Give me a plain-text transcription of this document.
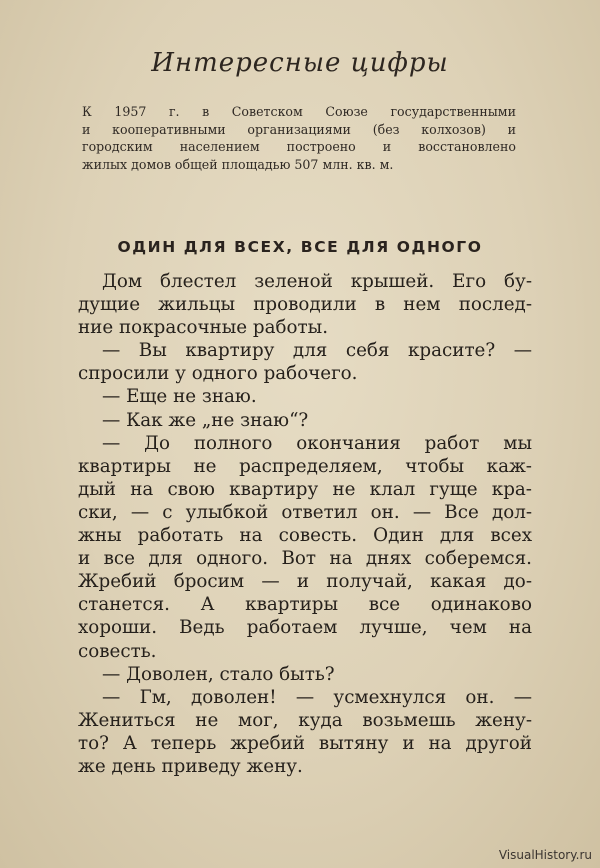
Интересные цифры
К 1957 г. в Советском Союзе государственными
и кооперативными организациями (без колхозов) и
городским населением построено и восстановлено
жилых домов общей площадью 507 млн. кв. м.
ОДИН ДЛЯ ВСЕХ, ВСЕ ДЛЯ ОДНОГО
Дом блестел зеленой крышей. Его бу-
дущие жильцы проводили в нем послед-
ние покрасочные работы.
— Вы квартиру для себя красите? —
спросили у одного рабочего.
— Еще не знаю.
— Как же „не знаю“?
— До полного окончания работ мы
квартиры не распределяем, чтобы каж-
дый на свою квартиру не клал гуще кра-
ски, — с улыбкой ответил он. — Все дол-
жны работать на совесть. Один для всех
и все для одного. Вот на днях соберемся.
Жребий бросим — и получай, какая до-
станется. А квартиры все одинаково
хороши. Ведь работаем лучше, чем на
совесть.
— Доволен, стало быть?
— Гм, доволен! — усмехнулся он. —
Жениться не мог, куда возьмешь жену-
то? А теперь жребий вытяну и на другой
же день приведу жену.
VisualHistory.ru
